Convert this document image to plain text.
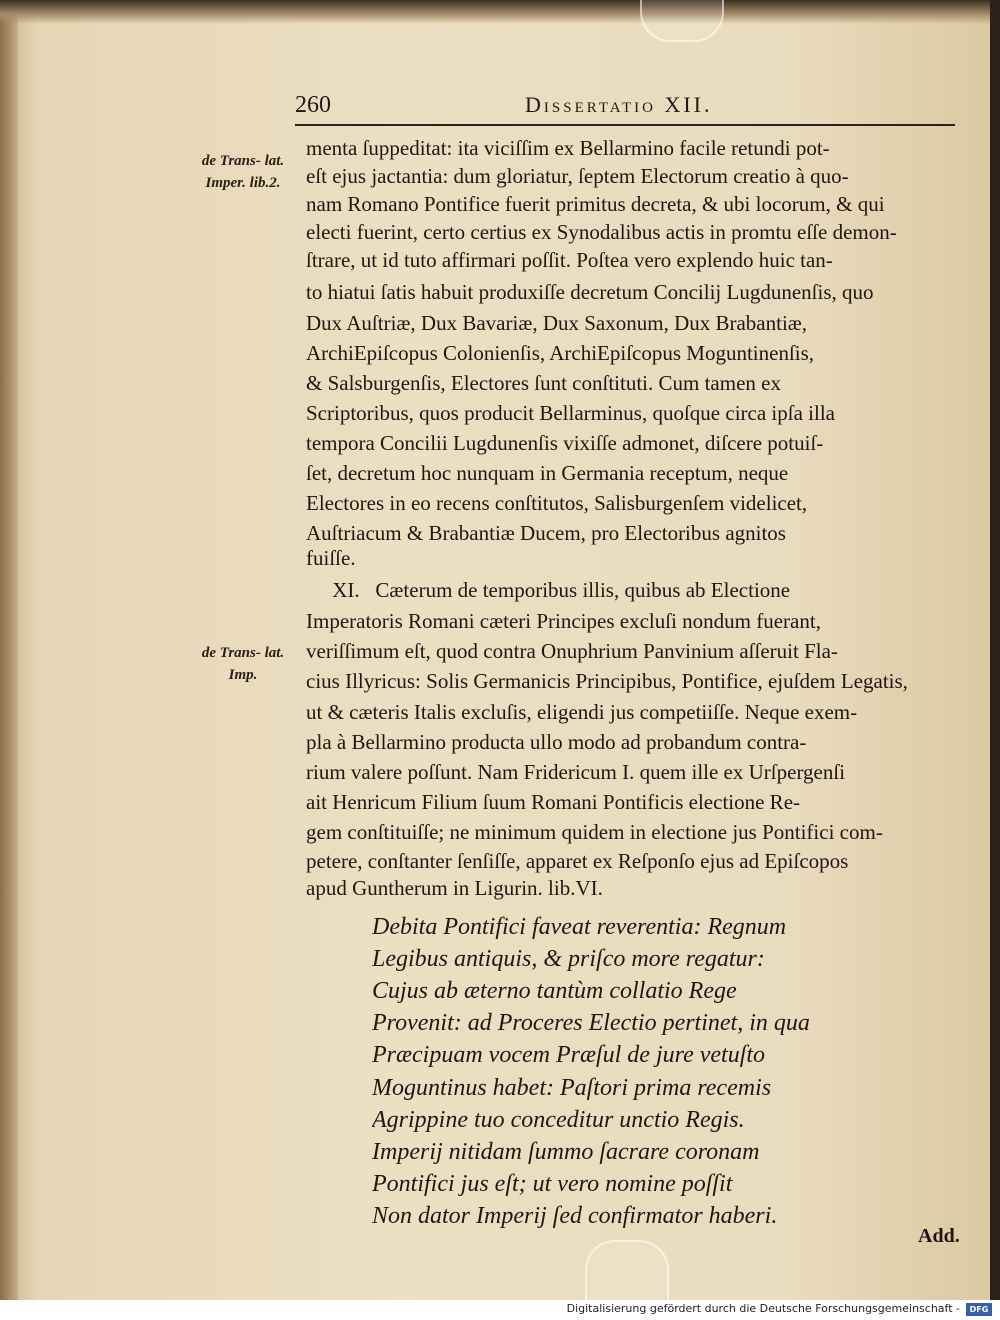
260	Dissertatio XII.
de Trans- lat. Imper. lib.2.
de Trans- lat. Imp.
menta ſuppeditat: ita viciſſim ex Bellarmino facile retundi pot-
eſt ejus jactantia: dum gloriatur, ſeptem Electorum creatio à quo-
nam Romano Pontifice fuerit primitus decreta, & ubi locorum, & qui
electi fuerint, certo certius ex Synodalibus actis in promtu eſſe demon-
ſtrare, ut id tuto affirmari poſſit. Poſtea vero explendo huic tan-
to hiatui ſatis habuit produxiſſe decretum Concilij Lugdunenſis, quo
Dux Auſtriæ, Dux Bavariæ, Dux Saxonum, Dux Brabantiæ,
ArchiEpiſcopus Colonienſis, ArchiEpiſcopus Moguntinenſis,
& Salsburgenſis, Electores ſunt conſtituti. Cum tamen ex
Scriptoribus, quos producit Bellarminus, quoſque circa ipſa illa
tempora Concilii Lugdunenſis vixiſſe admonet, diſcere potuiſ-
ſet, decretum hoc nunquam in Germania receptum, neque
Electores in eo recens conſtitutos, Salisburgenſem videlicet,
Auſtriacum & Brabantiæ Ducem, pro Electoribus agnitos
fuiſſe.
XI.   Cæterum de temporibus illis, quibus ab Electione
Imperatoris Romani cæteri Principes excluſi nondum fuerant,
veriſſimum eſt, quod contra Onuphrium Panvinium aſſeruit Fla-
cius Illyricus: Solis Germanicis Principibus, Pontifice, ejuſdem Legatis,
ut & cæteris Italis excluſis, eligendi jus competiiſſe. Neque exem-
pla à Bellarmino producta ullo modo ad probandum contra-
rium valere poſſunt. Nam Fridericum I. quem ille ex Urſpergenſi
ait Henricum Filium ſuum Romani Pontificis electione Re-
gem conſtituiſſe; ne minimum quidem in electione jus Pontifici com-
petere, conſtanter ſenſiſſe, apparet ex Reſponſo ejus ad Epiſcopos
apud Guntherum in Ligurin. lib.VI.
Debita Pontifici faveat reverentia: Regnum
Legibus antiquis, & priſco more regatur:
Cujus ab æterno tantùm collatio Rege
Provenit: ad Proceres Electio pertinet, in qua
Præcipuam vocem Præſul de jure vetuſto
Moguntinus habet: Paſtori prima recemis
Agrippine tuo conceditur unctio Regis.
Imperij nitidam ſummo ſacrare coronam
Pontifici jus eſt; ut vero nomine poſſit
Non dator Imperij ſed confirmator haberi.
Add.
Digitalisierung gefördert durch die Deutsche Forschungsgemeinschaft -	DFG
